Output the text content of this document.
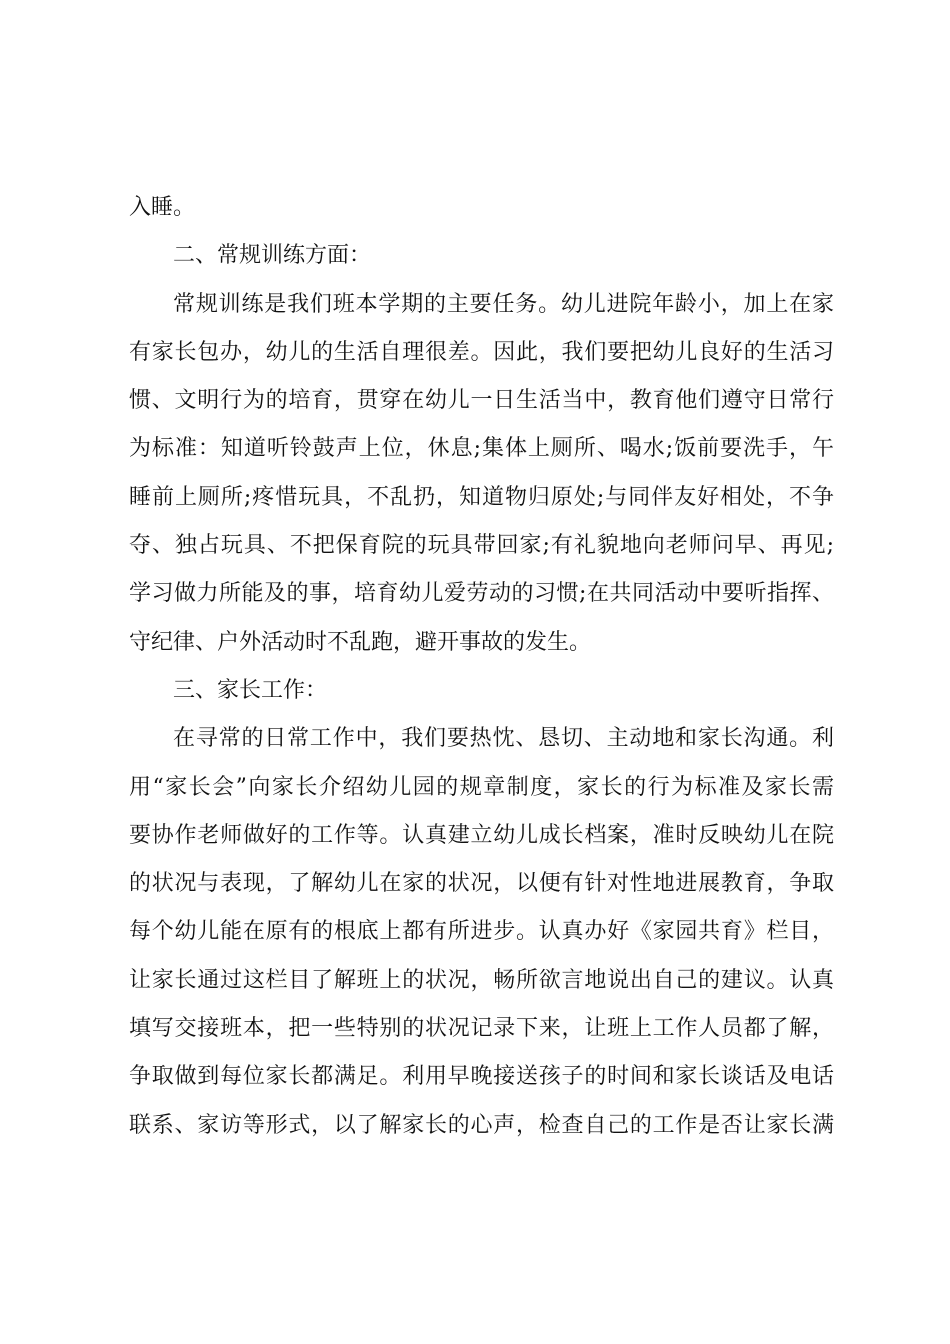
入睡。
二、常规训练方面：
常规训练是我们班本学期的主要任务。幼儿进院年龄小，加上在家
有家长包办，幼儿的生活自理很差。因此，我们要把幼儿良好的生活习
惯、文明行为的培育，贯穿在幼儿一日生活当中，教育他们遵守日常行
为标准：知道听铃鼓声上位，休息;集体上厕所、喝水;饭前要洗手，午
睡前上厕所;疼惜玩具，不乱扔，知道物归原处;与同伴友好相处，不争
夺、独占玩具、不把保育院的玩具带回家;有礼貌地向老师问早、再见;
学习做力所能及的事，培育幼儿爱劳动的习惯;在共同活动中要听指挥、
守纪律、户外活动时不乱跑，避开事故的发生。
三、家长工作：
在寻常的日常工作中，我们要热忱、恳切、主动地和家长沟通。利
用“家长会”向家长介绍幼儿园的规章制度，家长的行为标准及家长需
要协作老师做好的工作等。认真建立幼儿成长档案，准时反映幼儿在院
的状况与表现，了解幼儿在家的状况，以便有针对性地进展教育，争取
每个幼儿能在原有的根底上都有所进步。认真办好《家园共育》栏目，
让家长通过这栏目了解班上的状况，畅所欲言地说出自己的建议。认真
填写交接班本，把一些特别的状况记录下来，让班上工作人员都了解，
争取做到每位家长都满足。利用早晚接送孩子的时间和家长谈话及电话
联系、家访等形式，以了解家长的心声，检查自己的工作是否让家长满
